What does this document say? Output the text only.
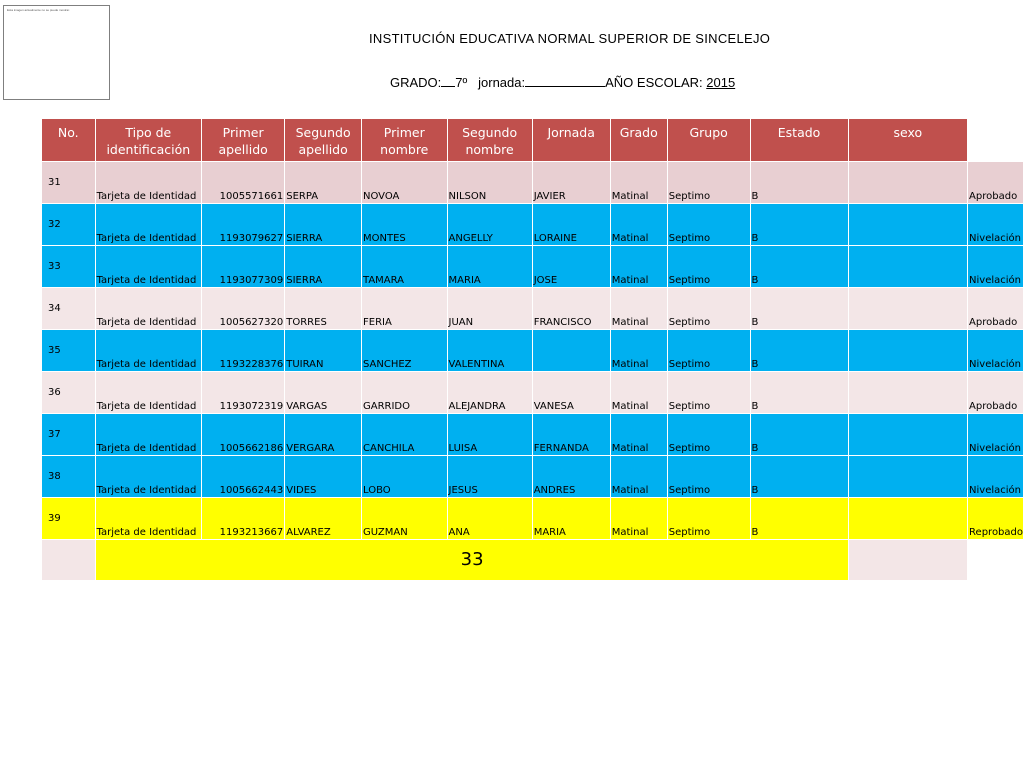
Esta imagen actualmente no se puede mostrar.
INSTITUCIÓN EDUCATIVA NORMAL SUPERIOR DE SINCELEJO
GRADO: 7º jornada:	AÑO ESCOLAR: 2015
No.	Tipo de identificación	Primer apellido	Segundo apellido	Primer nombre	Segundo nombre	Jornada	Grado	Grupo	Estado	sexo	
31	Tarjeta de Identidad	1005571661	SERPA	NOVOA	NILSON	JAVIER	Matinal	Septimo	B		Aprobado
32	Tarjeta de Identidad	1193079627	SIERRA	MONTES	ANGELLY	LORAINE	Matinal	Septimo	B		Nivelación
33	Tarjeta de Identidad	1193077309	SIERRA	TAMARA	MARIA	JOSE	Matinal	Septimo	B		Nivelación
34	Tarjeta de Identidad	1005627320	TORRES	FERIA	JUAN	FRANCISCO	Matinal	Septimo	B		Aprobado
35	Tarjeta de Identidad	1193228376	TUIRAN	SANCHEZ	VALENTINA		Matinal	Septimo	B		Nivelación
36	Tarjeta de Identidad	1193072319	VARGAS	GARRIDO	ALEJANDRA	VANESA	Matinal	Septimo	B		Aprobado
37	Tarjeta de Identidad	1005662186	VERGARA	CANCHILA	LUISA	FERNANDA	Matinal	Septimo	B		Nivelación
38	Tarjeta de Identidad	1005662443	VIDES	LOBO	JESUS	ANDRES	Matinal	Septimo	B		Nivelación
39	Tarjeta de Identidad	1193213667	ALVAREZ	GUZMAN	ANA	MARIA	Matinal	Septimo	B		Reprobado
	33										
